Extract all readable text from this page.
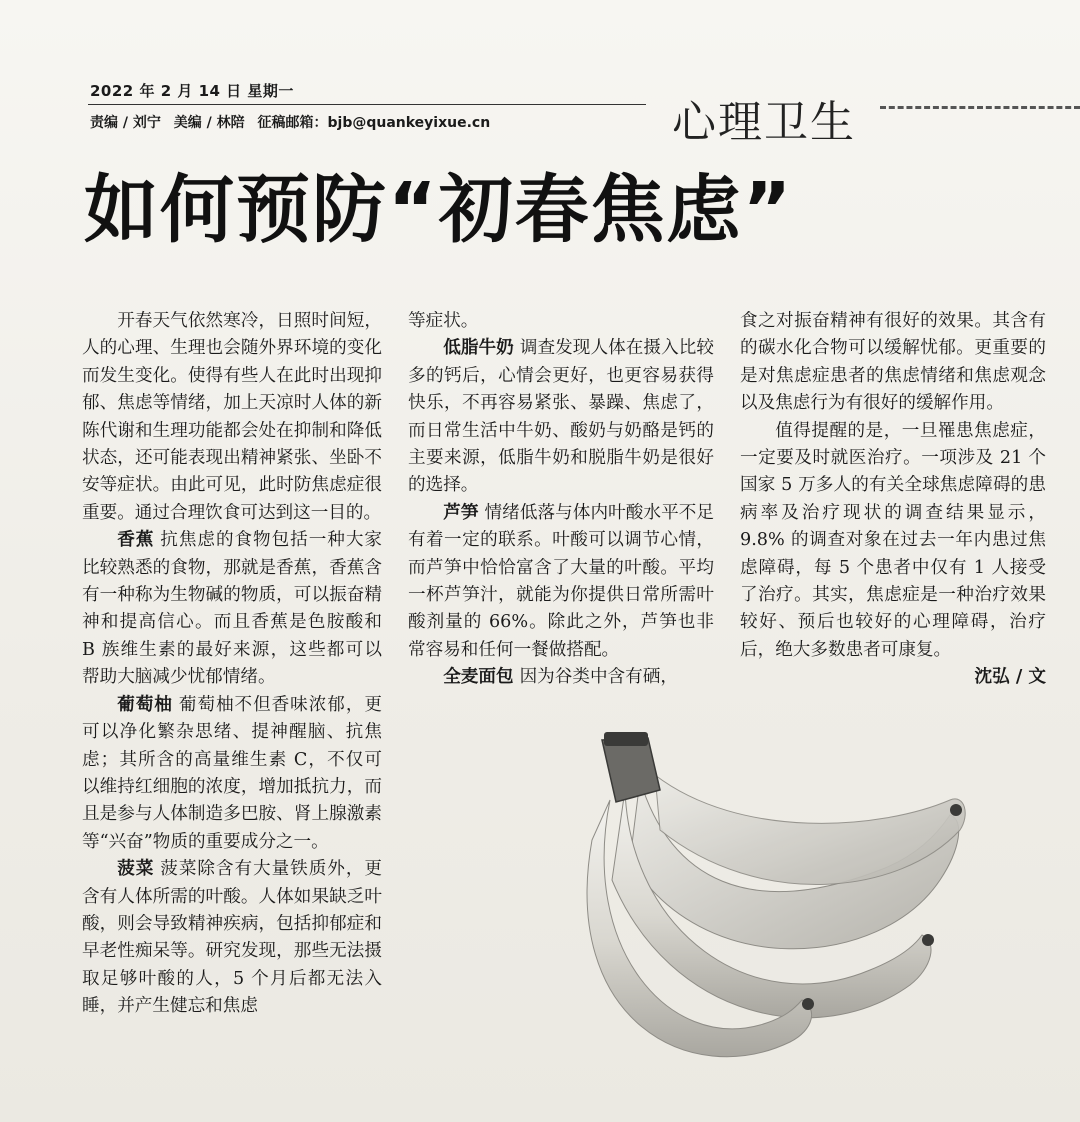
2022 年 2 月 14 日 星期一
责编 / 刘宁 美编 / 林陪 征稿邮箱：bjb@quankeyixue.cn	心理卫生
如何预防“初春焦虑”

开春天气依然寒冷，日照时间短，人的心理、生理也会随外界环境的变化而发生变化。使得有些人在此时出现抑郁、焦虑等情绪，加上天凉时人体的新陈代谢和生理功能都会处在抑制和降低状态，还可能表现出精神紧张、坐卧不安等症状。由此可见，此时防焦虑症很重要。通过合理饮食可达到这一目的。

香蕉 抗焦虑的食物包括一种大家比较熟悉的食物，那就是香蕉，香蕉含有一种称为生物碱的物质，可以振奋精神和提高信心。而且香蕉是色胺酸和 B 族维生素的最好来源，这些都可以帮助大脑减少忧郁情绪。

葡萄柚 葡萄柚不但香味浓郁，更可以净化繁杂思绪、提神醒脑、抗焦虑；其所含的高量维生素 C，不仅可以维持红细胞的浓度，增加抵抗力，而且是参与人体制造多巴胺、肾上腺激素等“兴奋”物质的重要成分之一。

菠菜 菠菜除含有大量铁质外，更含有人体所需的叶酸。人体如果缺乏叶酸，则会导致精神疾病，包括抑郁症和早老性痴呆等。研究发现，那些无法摄取足够叶酸的人，5 个月后都无法入睡，并产生健忘和焦虑

等症状。

低脂牛奶 调查发现人体在摄入比较多的钙后，心情会更好，也更容易获得快乐，不再容易紧张、暴躁、焦虑了，而日常生活中牛奶、酸奶与奶酪是钙的主要来源，低脂牛奶和脱脂牛奶是很好的选择。

芦笋 情绪低落与体内叶酸水平不足有着一定的联系。叶酸可以调节心情，而芦笋中恰恰富含了大量的叶酸。平均一杯芦笋汁，就能为你提供日常所需叶酸剂量的 66%。除此之外，芦笋也非常容易和任何一餐做搭配。

全麦面包 因为谷类中含有硒，

食之对振奋精神有很好的效果。其含有的碳水化合物可以缓解忧郁。更重要的是对焦虑症患者的焦虑情绪和焦虑观念以及焦虑行为有很好的缓解作用。

值得提醒的是，一旦罹患焦虑症，一定要及时就医治疗。一项涉及 21 个国家 5 万多人的有关全球焦虑障碍的患病率及治疗现状的调查结果显示，9.8% 的调查对象在过去一年内患过焦虑障碍，每 5 个患者中仅有 1 人接受了治疗。其实，焦虑症是一种治疗效果较好、预后也较好的心理障碍，治疗后，绝大多数患者可康复。

沈弘 / 文
